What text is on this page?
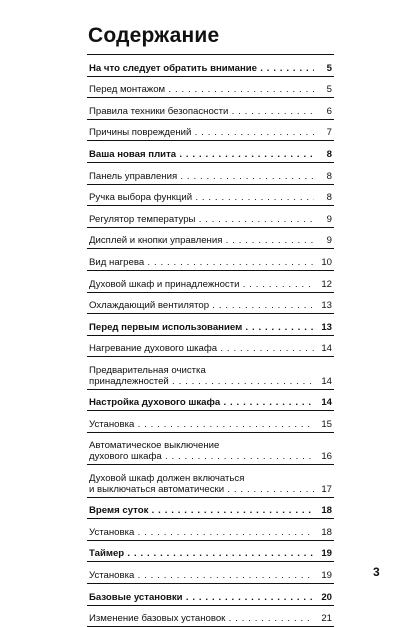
Содержание
На что следует обратить внимание . . .	5
Перед монтажом . . .	5
Правила техники безопасности . . .	6
Причины повреждений . . .	7
Ваша новая плита . . .	8
Панель управления . . .	8
Ручка выбора функций . . .	8
Регулятор температуры . . .	9
Дисплей и кнопки управления . . .	9
Вид нагрева . . .	10
Духовой шкаф и принадлежности . . .	12
Охлаждающий вентилятор . . .	13
Перед первым использованием . . .	13
Нагревание духового шкафа . . .	14
Предварительная очистка
принадлежностей . . .	14
Настройка духового шкафа . . .	14
Установка . . .	15
Автоматическое выключение
духового шкафа . . .	16
Духовой шкаф должен включаться
и выключаться автоматически . . .	17
Время суток . . .	18
Установка . . .	18
Таймер . . .	19
Установка . . .	19
Базовые установки . . .	20
Изменение базовых установок . . .	21
3
